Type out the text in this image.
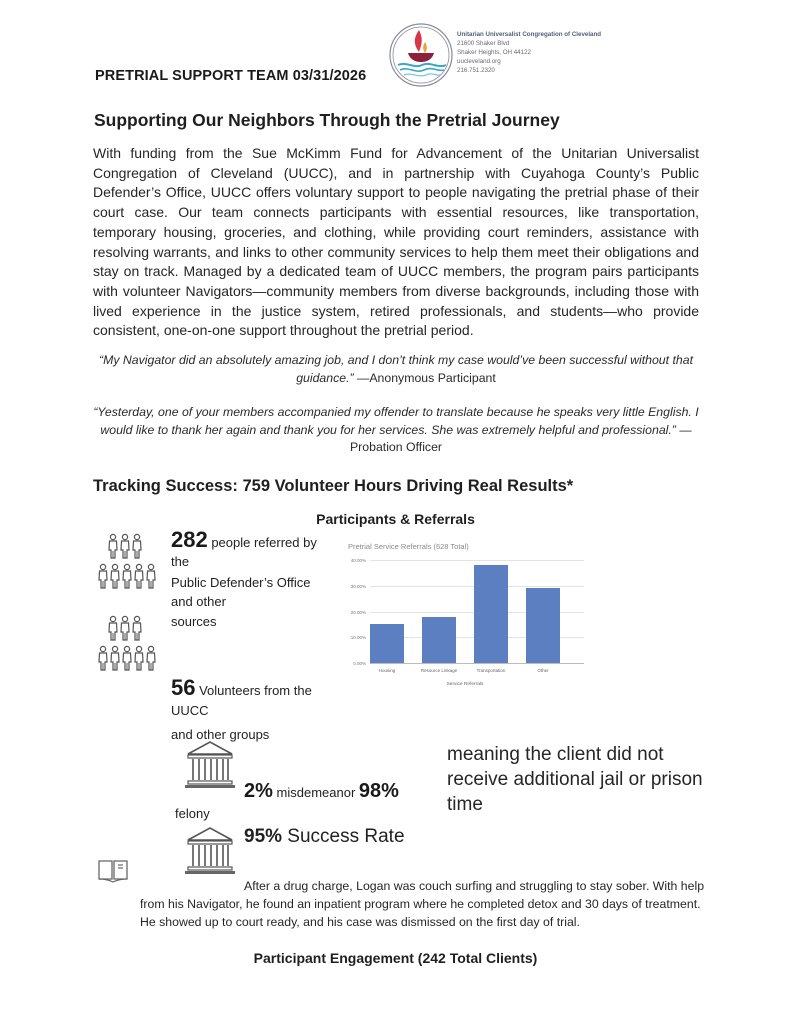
PRETRIAL SUPPORT TEAM 03/31/2026
Unitarian Universalist Congregation of Cleveland
21600 Shaker Blvd
Shaker Heights, OH 44122
uucleveland.org
216.751.2320
Supporting Our Neighbors Through the Pretrial Journey
With funding from the Sue McKimm Fund for Advancement of the Unitarian Universalist Congregation of Cleveland (UUCC), and in partnership with Cuyahoga County’s Public Defender’s Office, UUCC offers voluntary support to people navigating the pretrial phase of their court case. Our team connects participants with essential resources, like transportation, temporary housing, groceries, and clothing, while providing court reminders, assistance with resolving warrants, and links to other community services to help them meet their obligations and stay on track. Managed by a dedicated team of UUCC members, the program pairs participants with volunteer Navigators—community members from diverse backgrounds, including those with lived experience in the justice system, retired professionals, and students—who provide consistent, one-on-one support throughout the pretrial period.
“My Navigator did an absolutely amazing job, and I don’t think my case would’ve been successful without that guidance.” —Anonymous Participant
“Yesterday, one of your members accompanied my offender to translate because he speaks very little English. I would like to thank her again and thank you for her services. She was extremely helpful and professional.” —Probation Officer
Tracking Success: 759 Volunteer Hours Driving Real Results*
Participants & Referrals
282 people referred by
the
Public Defender’s Office
and other
sources
Pretrial Service Referrals (628 Total)
40.00%
30.00%
20.00%
10.00%
0.00%
Housing	Resource Linkage	Transportation	Other
Service Referrals
56 Volunteers from the
UUCC
and other groups
2% misdemeanor 98%
felony
meaning the client did not receive additional jail or prison time
95% Success Rate
After a drug charge, Logan was couch surfing and struggling to stay sober. With help from his Navigator, he found an inpatient program where he completed detox and 30 days of treatment. He showed up to court ready, and his case was dismissed on the first day of trial.
Participant Engagement (242 Total Clients)
